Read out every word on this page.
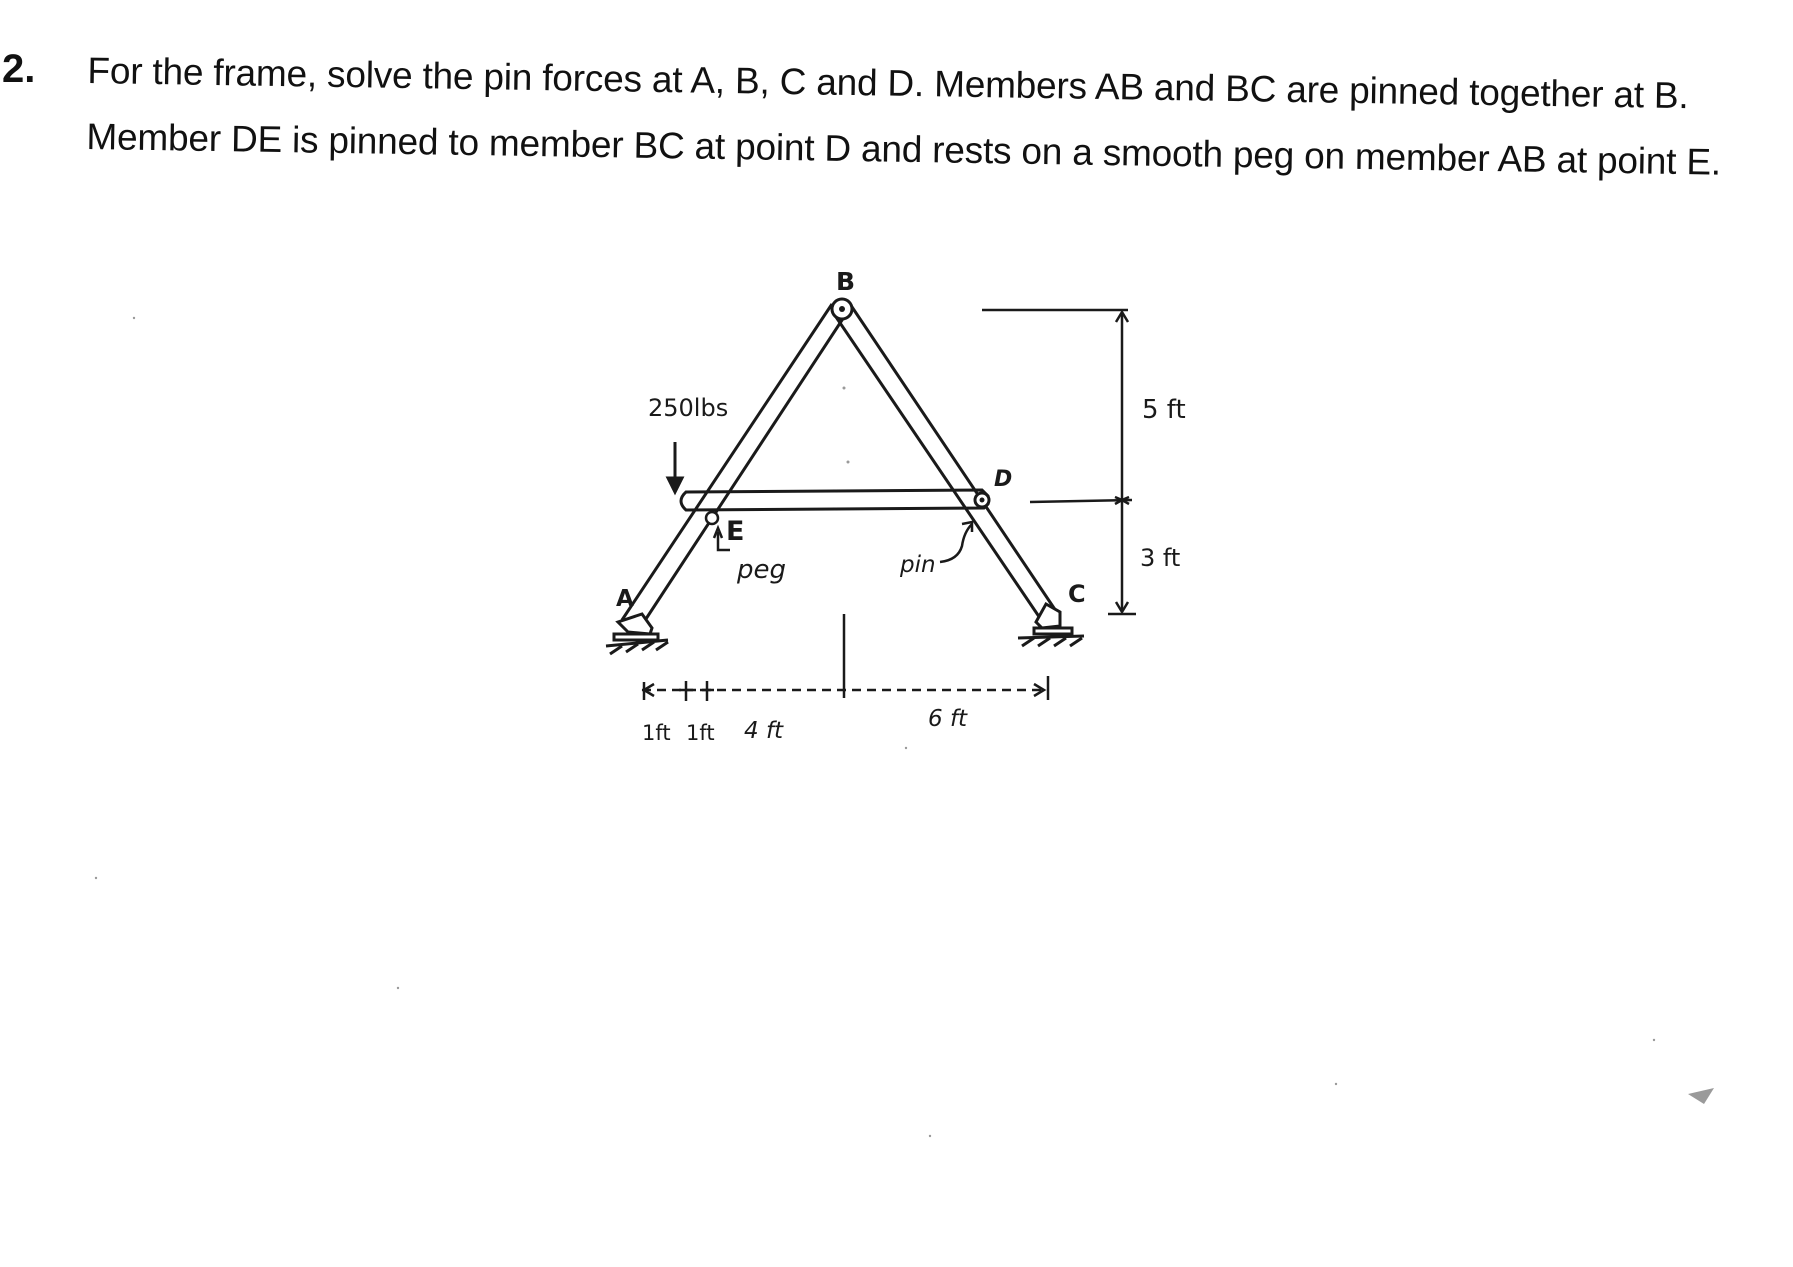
2. For the frame, solve the pin forces at A, B, C and D. Members AB and BC are pinned together at B. Member DE is pinned to member BC at point D and rests on a smooth peg on member AB at point E.
B
D
E
A	C
250lbs
peg	pin
5 ft
3 ft
1ft 1ft 4 ft	6 ft
